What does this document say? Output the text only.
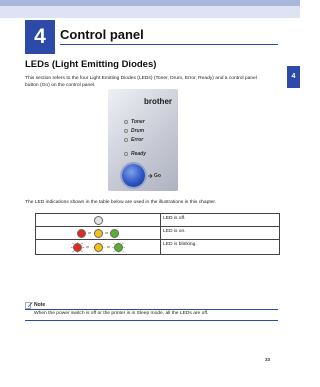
4
4	Control panel
LEDs (Light Emitting Diodes)
This section refers to the four Light Emitting Diodes (LEDs) (Toner, Drum, Error, Ready) and a control panel
button (Go) on the control panel.
brother
Toner
Drum
Error
Ready
Go
The LED indications shown in the table below are used in the illustrations in this chapter.
	LED is off.
or or	LED is on.

or or	LED is blinking.
Note
When the power switch is off or the printer is in Sleep mode, all the LEDs are off.
33
